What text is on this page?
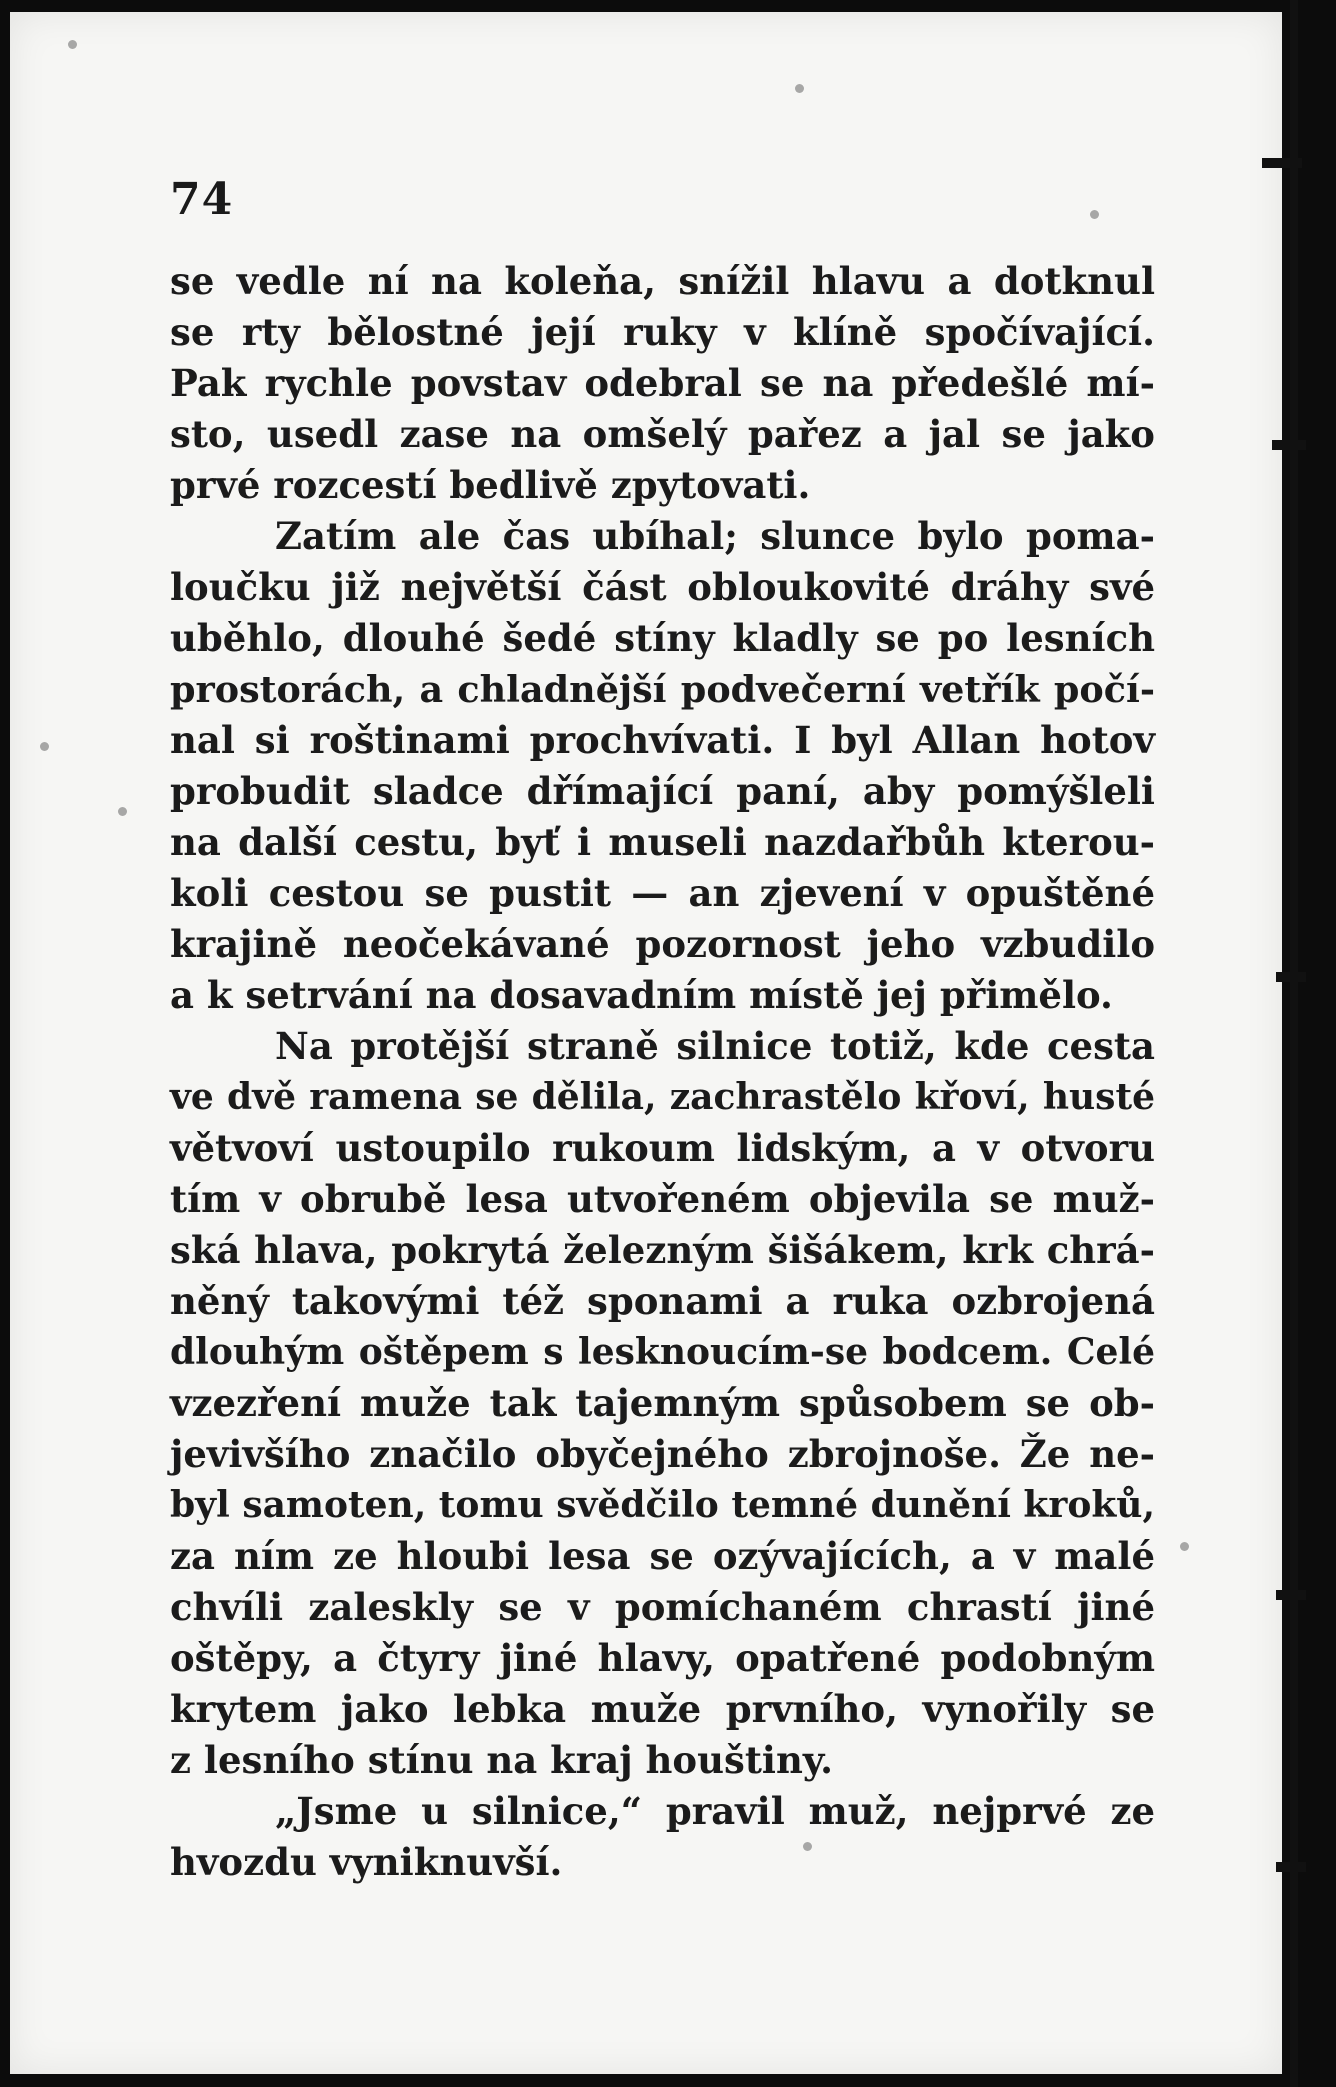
74
se vedle ní na koleňa, snížil hlavu a dotknul
se rty bělostné její ruky v klíně spočívající.
Pak rychle povstav odebral se na předešlé mí-
sto, usedl zase na omšelý pařez a jal se jako
prvé rozcestí bedlivě zpytovati.
Zatím ale čas ubíhal; slunce bylo poma-
loučku již největší část obloukovité dráhy své
uběhlo, dlouhé šedé stíny kladly se po lesních
prostorách, a chladnější podvečerní vetřík počí-
nal si roštinami prochvívati. I byl Allan hotov
probudit sladce dřímající paní, aby pomýšleli
na další cestu, byť i museli nazdařbůh kterou-
koli cestou se pustit — an zjevení v opuštěné
krajině neočekávané pozornost jeho vzbudilo
a k setrvání na dosavadním místě jej přimělo.
Na protější straně silnice totiž, kde cesta
ve dvě ramena se dělila, zachrastělo křoví, husté
větvoví ustoupilo rukoum lidským, a v otvoru
tím v obrubě lesa utvořeném objevila se muž-
ská hlava, pokrytá železným šišákem, krk chrá-
něný takovými též sponami a ruka ozbrojená
dlouhým oštěpem s lesknoucím-se bodcem. Celé
vzezření muže tak tajemným spůsobem se ob-
jevivšího značilo obyčejného zbrojnoše. Že ne-
byl samoten, tomu svědčilo temné dunění kroků,
za ním ze hloubi lesa se ozývajících, a v malé
chvíli zaleskly se v pomíchaném chrastí jiné
oštěpy, a čtyry jiné hlavy, opatřené podobným
krytem jako lebka muže prvního, vynořily se
z lesního stínu na kraj houštiny.
„Jsme u silnice,“ pravil muž, nejprvé ze
hvozdu vyniknuvší.
